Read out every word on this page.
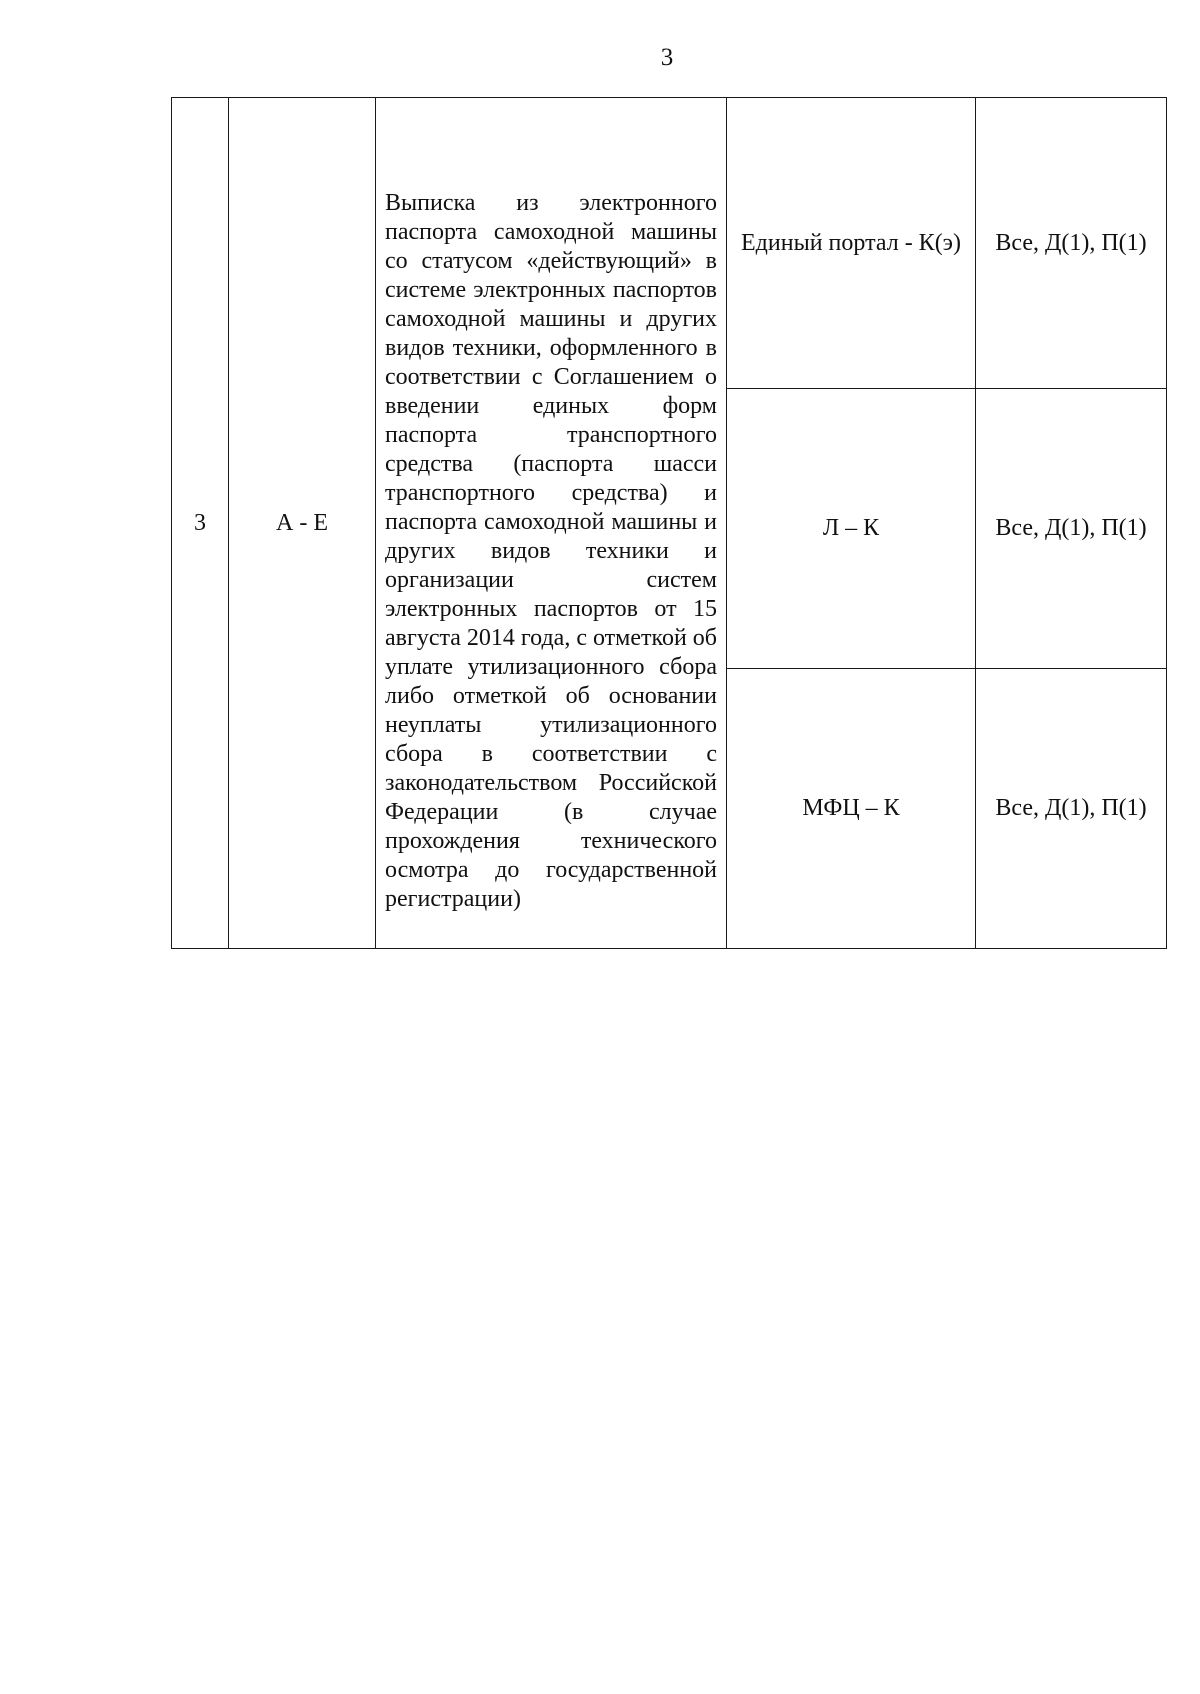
3
3	А - Е	Выписка из электронного паспорта самоходной машины со статусом «действующий» в системе электронных паспортов самоходной машины и других видов техники, оформленного в соответствии с Соглашением о введении единых форм паспорта транспортного средства (паспорта шасси транспортного средства) и паспорта самоходной машины и других видов техники и организации систем электронных паспортов от 15 августа 2014 года, с отметкой об уплате утилизационного сбора либо отметкой об основании неуплаты утилизационного сбора в соответствии с законодательством Российской Федерации (в случае прохождения технического осмотра до государственной регистрации)	Единый портал - К(э)	Все, Д(1), П(1)
			Л – К	Все, Д(1), П(1)
			МФЦ – К	Все, Д(1), П(1)
